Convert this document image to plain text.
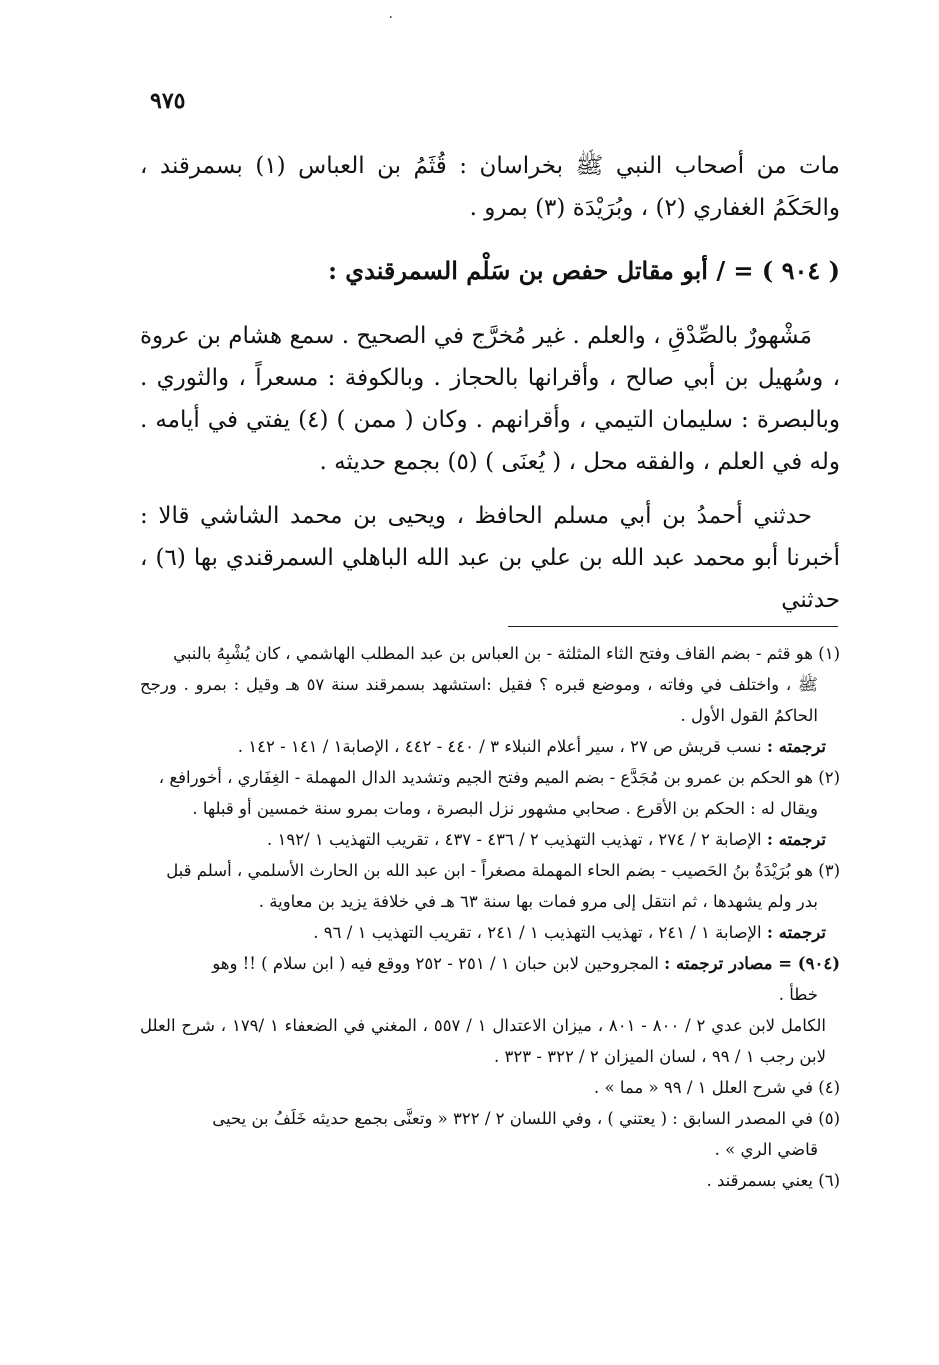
٠
٩٧٥

مات من أصحاب النبي ﷺ بخراسان : قُثَمُ بن العباس (١) بسمرقند ، والحَكَمُ الغفاري (٢) ، وبُرَيْدَة (٣) بمرو .

( ٩٠٤ ) = / أبو مقاتل حفص بن سَلْم السمرقندي :

مَشْهورٌ بالصِّدْقِ ، والعلم . غير مُخرَّج في الصحيح . سمع هشام بن عروة ، وسُهيل بن أبي صالح ، وأقرانها بالحجاز . وبالكوفة : مسعراً ، والثوري . وبالبصرة : سليمان التيمي ، وأقرانهم . وكان ( ممن ) (٤) يفتي في أيامه . وله في العلم ، والفقه محل ، ( يُعنَى ) (٥) بجمع حديثه .

حدثني أحمدُ بن أبي مسلم الحافظ ، ويحيى بن محمد الشاشي قالا : أخبرنا أبو محمد عبد الله بن علي بن عبد الله الباهلي السمرقندي بها (٦) ، حدثني

(١) هو قثم - بضم القاف وفتح الثاء المثلثة - بن العباس بن عبد المطلب الهاشمي ، كان يُشْبِهُ بالنبي

ﷺ ، واختلف في وفاته ، وموضع قبره ؟ فقيل :استشهد بسمرقند سنة ٥٧ هـ وقيل : بمرو . ورجح الحاكمُ القول الأول .

ترجمته : نسب قريش ص ٢٧ ، سير أعلام النبلاء ٣ / ٤٤٠ - ٤٤٢ ، الإصابة١ / ١٤١ - ١٤٢ .

(٢) هو الحكم بن عمرو بن مُجَدَّع - بضم الميم وفتح الجيم وتشديد الدال المهملة - الغِفَاري ، أخورافع ،

ويقال له : الحكم بن الأقرع . صحابي مشهور نزل البصرة ، ومات بمرو سنة خمسين أو قبلها .

ترجمته : الإصابة ٢ / ٢٧٤ ، تهذيب التهذيب ٢ / ٤٣٦ - ٤٣٧ ، تقريب التهذيب ١ /١٩٢ .

(٣) هو بُرَيْدَةُ بنُ الحَصيب - بضم الحاء المهملة مصغراً - ابن عبد الله بن الحارث الأسلمي ، أسلم قبل

بدر ولم يشهدها ، ثم انتقل إلى مرو فمات بها سنة ٦٣ هـ في خلافة يزيد بن معاوية .

ترجمته : الإصابة ١ / ٢٤١ ، تهذيب التهذيب ١ / ٢٤١ ، تقريب التهذيب ١ / ٩٦ .

(٩٠٤) = مصادر ترجمته : المجروحين لابن حبان ١ / ٢٥١ - ٢٥٢ ووقع فيه ( ابن سلام ) !! وهو

خطأ .

الكامل لابن عدي ٢ / ٨٠٠ - ٨٠١ ، ميزان الاعتدال ١ / ٥٥٧ ، المغني في الضعفاء ١ /١٧٩ ، شرح العلل لابن رجب ١ / ٩٩ ، لسان الميزان ٢ / ٣٢٢ - ٣٢٣ .

(٤) في شرح العلل ١ / ٩٩ « مما » .

(٥) في المصدر السابق : ( يعتني ) ، وفي اللسان ٢ / ٣٢٢ « وتعنَّى بجمع حديثه خَلَفُ بن يحيى

قاضي الري » .

(٦) يعني بسمرقند .
